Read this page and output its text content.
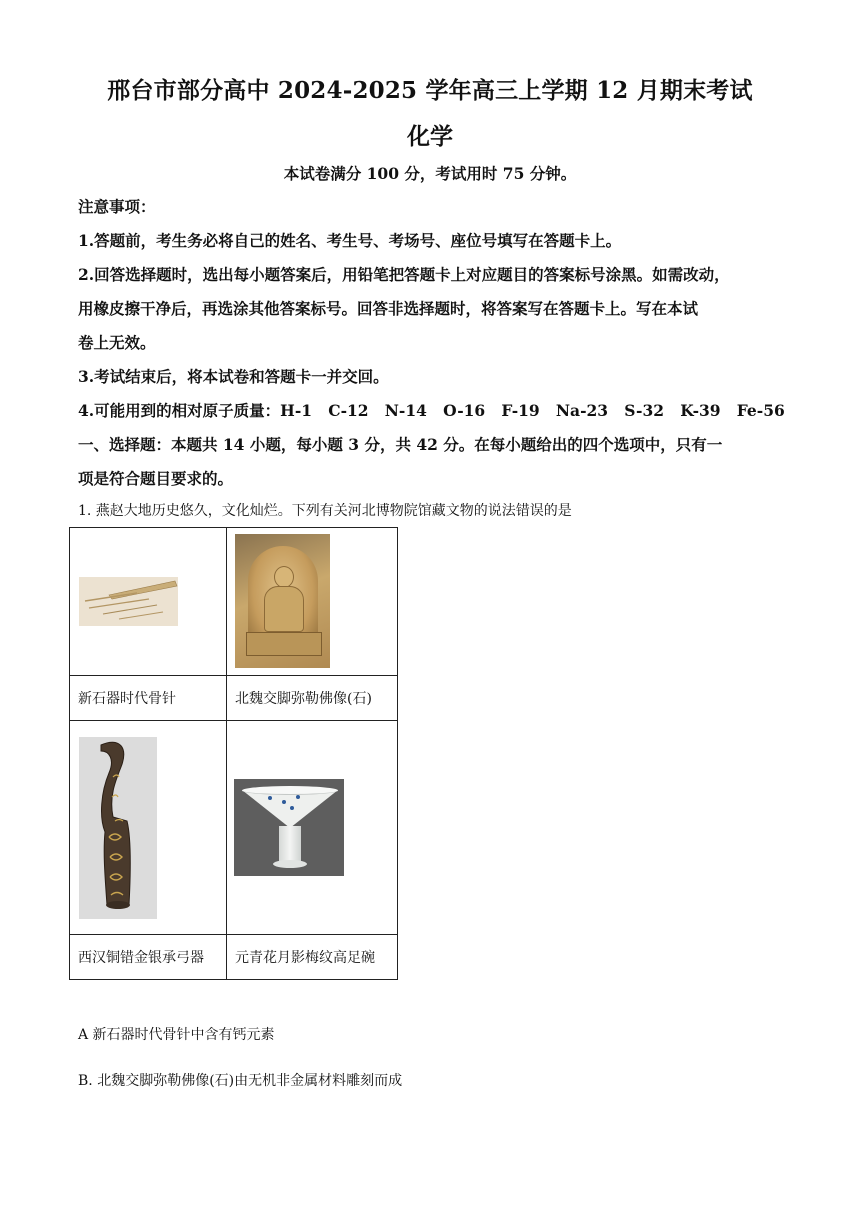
邢台市部分高中 2024-2025 学年高三上学期 12 月期末考试
化学
本试卷满分 100 分，考试用时 75 分钟。
注意事项：
1.答题前，考生务必将自己的姓名、考生号、考场号、座位号填写在答题卡上。
2.回答选择题时，选出每小题答案后，用铅笔把答题卡上对应题目的答案标号涂黑。如需改动，
用橡皮擦干净后，再选涂其他答案标号。回答非选择题时，将答案写在答题卡上。写在本试
卷上无效。
3.考试结束后，将本试卷和答题卡一并交回。
4.可能用到的相对原子质量：H-1   C-12   N-14   O-16   F-19   Na-23   S-32   K-39   Fe-56
一、选择题：本题共 14 小题，每小题 3 分，共 42 分。在每小题给出的四个选项中，只有一
项是符合题目要求的。
1. 燕赵大地历史悠久，文化灿烂。下列有关河北博物院馆藏文物的说法错误的是

新石器时代骨针	北魏交脚弥勒佛像(石)

西汉铜错金银承弓器	元青花月影梅纹高足碗
A 新石器时代骨针中含有钙元素
B. 北魏交脚弥勒佛像(石)由无机非金属材料雕刻而成
